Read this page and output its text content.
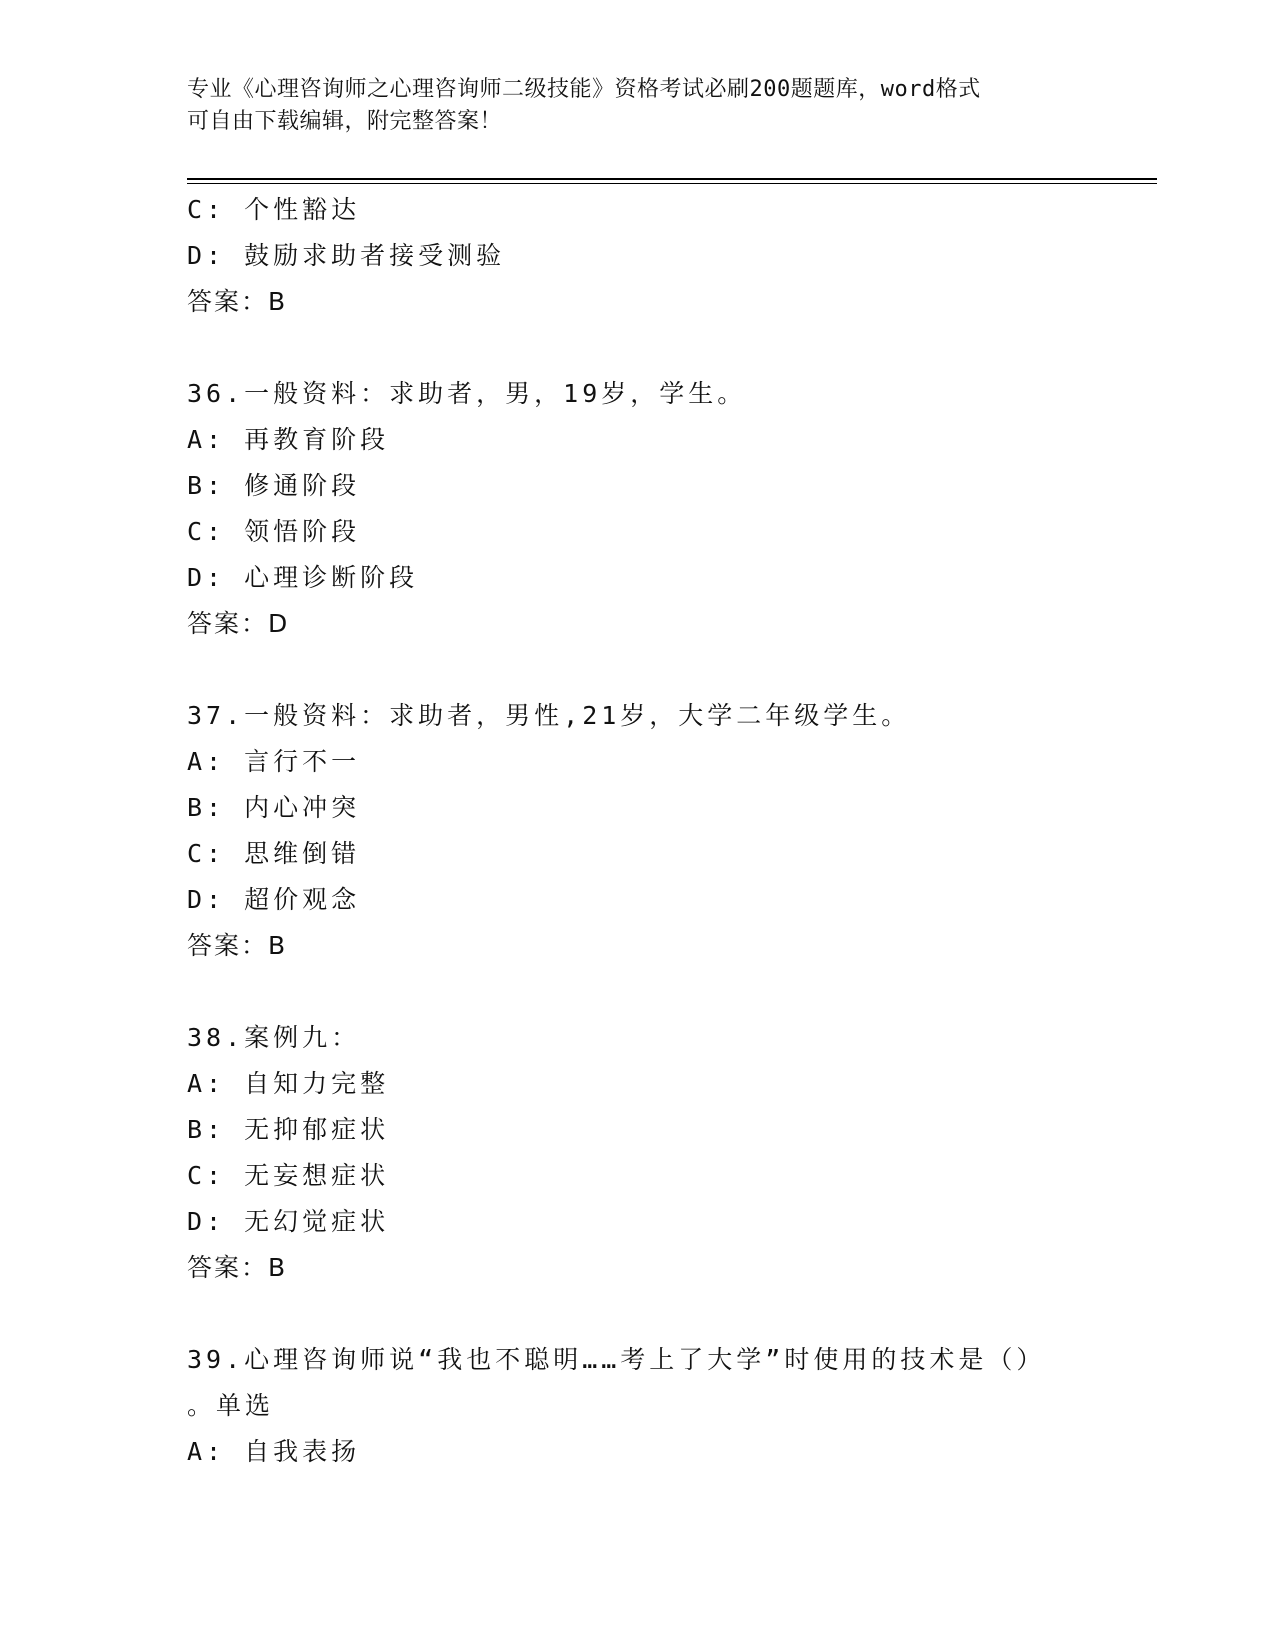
专业《心理咨询师之心理咨询师二级技能》资格考试必刷200题题库，word格式
可自由下载编辑，附完整答案！
C: 个性豁达
D: 鼓励求助者接受测验
答案：B
36.一般资料：求助者，男，19岁，学生。
A: 再教育阶段
B: 修通阶段
C: 领悟阶段
D: 心理诊断阶段
答案：D
37.一般资料：求助者，男性,21岁，大学二年级学生。
A: 言行不一
B: 内心冲突
C: 思维倒错
D: 超价观念
答案：B
38.案例九：
A: 自知力完整
B: 无抑郁症状
C: 无妄想症状
D: 无幻觉症状
答案：B
39.心理咨询师说“我也不聪明……考上了大学”时使用的技术是（）
。单选
A: 自我表扬
